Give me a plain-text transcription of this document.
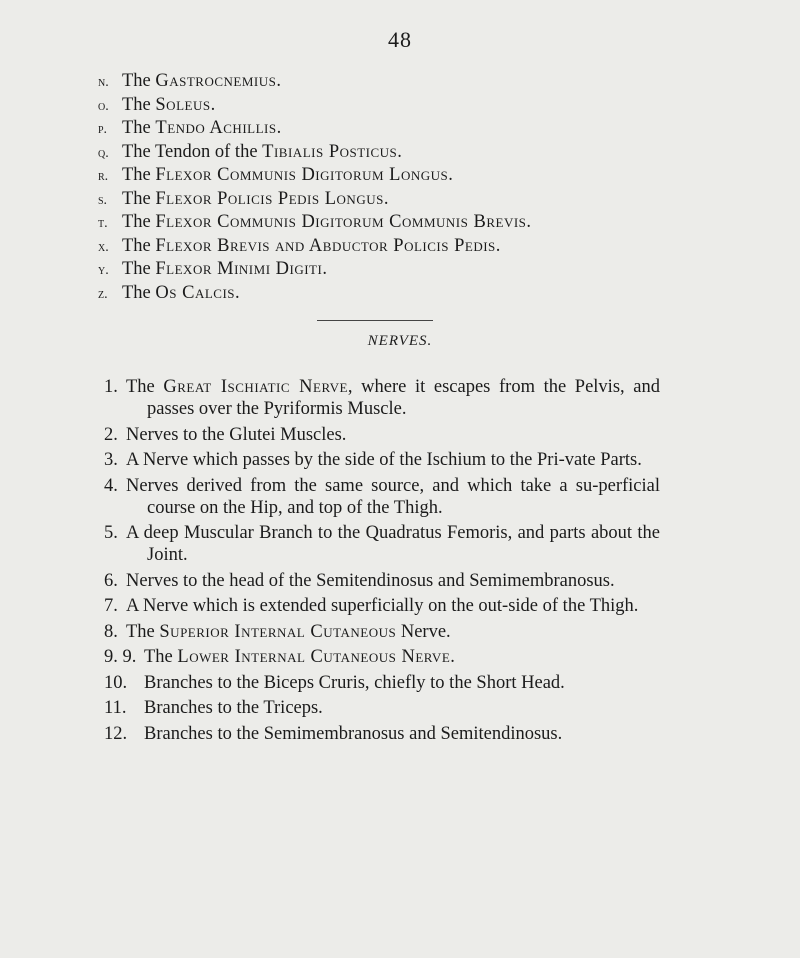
48
n. The Gastrocnemius.
o. The Soleus.
p. The Tendo Achillis.
q. The Tendon of the Tibialis Posticus.
r. The Flexor Communis Digitorum Longus.
s. The Flexor Policis Pedis Longus.
t. The Flexor Communis Digitorum Communis Brevis.
x. The Flexor Brevis and Abductor Policis Pedis.
y. The Flexor Minimi Digiti.
z. The Os Calcis.
NERVES.
1. The Great Ischiatic Nerve, where it escapes from the Pelvis, and passes over the Pyriformis Muscle.
2. Nerves to the Glutei Muscles.
3. A Nerve which passes by the side of the Ischium to the Pri-vate Parts.
4. Nerves derived from the same source, and which take a su-perficial course on the Hip, and top of the Thigh.
5. A deep Muscular Branch to the Quadratus Femoris, and parts about the Joint.
6. Nerves to the head of the Semitendinosus and Semimembranosus.
7. A Nerve which is extended superficially on the out-side of the Thigh.
8. The Superior Internal Cutaneous Nerve.
9. 9. The Lower Internal Cutaneous Nerve.
10. Branches to the Biceps Cruris, chiefly to the Short Head.
11. Branches to the Triceps.
12. Branches to the Semimembranosus and Semitendinosus.
